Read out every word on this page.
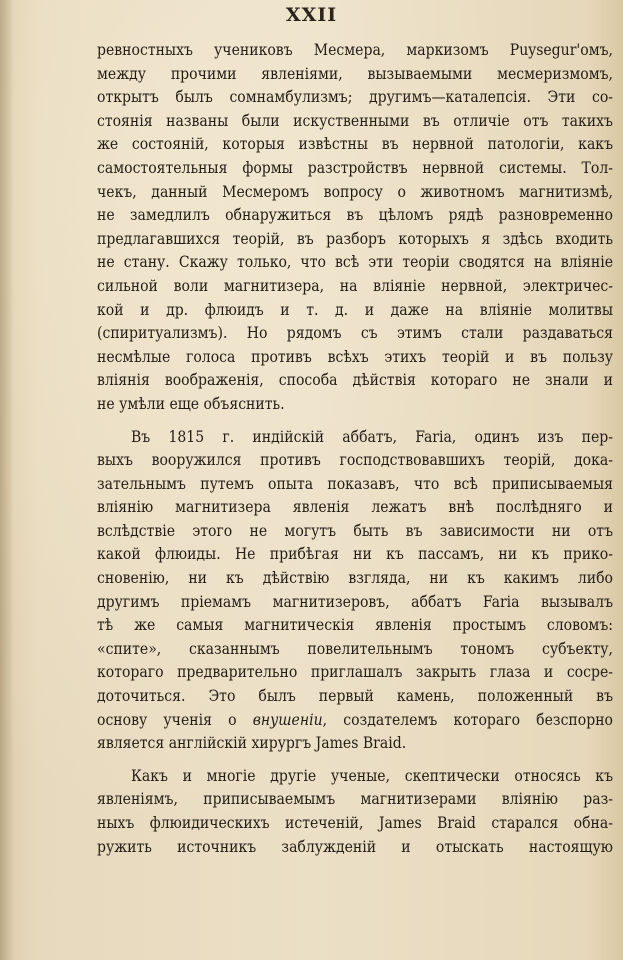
XXII

ревностныхъ учениковъ Месмера, маркизомъ Puysеgur'омъ,
между прочими явленіями, вызываемыми месмеризмомъ,
открытъ былъ сомнамбулизмъ; другимъ—каталепсія. Эти со-
стоянія названы были искуственными въ отличіе отъ такихъ
же состояній, которыя извѣстны въ нервной патологіи, какъ
самостоятельныя формы разстройствъ нервной системы. Тол-
чекъ, данный Месмеромъ вопросу о животномъ магнитизмѣ,
не замедлилъ обнаружиться въ цѣломъ рядѣ разновременно
предлагавшихся теорій, въ разборъ которыхъ я здѣсь входить
не стану. Скажу только, что всѣ эти теоріи сводятся на вліяніе
сильной воли магнитизера, на вліяніе нервной, электричес-
кой и др. флюидъ и т. д. и даже на вліяніе молитвы
(спиритуализмъ). Но рядомъ съ этимъ стали раздаваться
несмѣлые голоса противъ всѣхъ этихъ теорій и въ пользу
вліянія воображенія, способа дѣйствія котораго не знали и
не умѣли еще объяснить.

Въ 1815 г. индійскій аббатъ, Faria, одинъ изъ пер-
выхъ вооружился противъ господствовавшихъ теорій, дока-
зательнымъ путемъ опыта показавъ, что всѣ приписываемыя
вліянію магнитизера явленія лежатъ внѣ послѣдняго и
вслѣдствіе этого не могутъ быть въ зависимости ни отъ
какой флюиды. Не прибѣгая ни къ пассамъ, ни къ прико-
сновенію, ни къ дѣйствію взгляда, ни къ какимъ либо
другимъ пріемамъ магнитизеровъ, аббатъ Faria вызывалъ
тѣ же самыя магнитическія явленія простымъ словомъ:
«спите», сказаннымъ повелительнымъ тономъ субъекту,
котораго предварительно приглашалъ закрыть глаза и сосре-
доточиться. Это былъ первый камень, положенный въ
основу ученія о внушеніи, создателемъ котораго безспорно
является англійскій хирургъ James Braid.

Какъ и многіе другіе ученые, скептически относясь къ
явленіямъ, приписываемымъ магнитизерами вліянію раз-
ныхъ флюидическихъ истеченій, James Braid старался обна-
ружить источникъ заблужденій и отыскать настоящую
